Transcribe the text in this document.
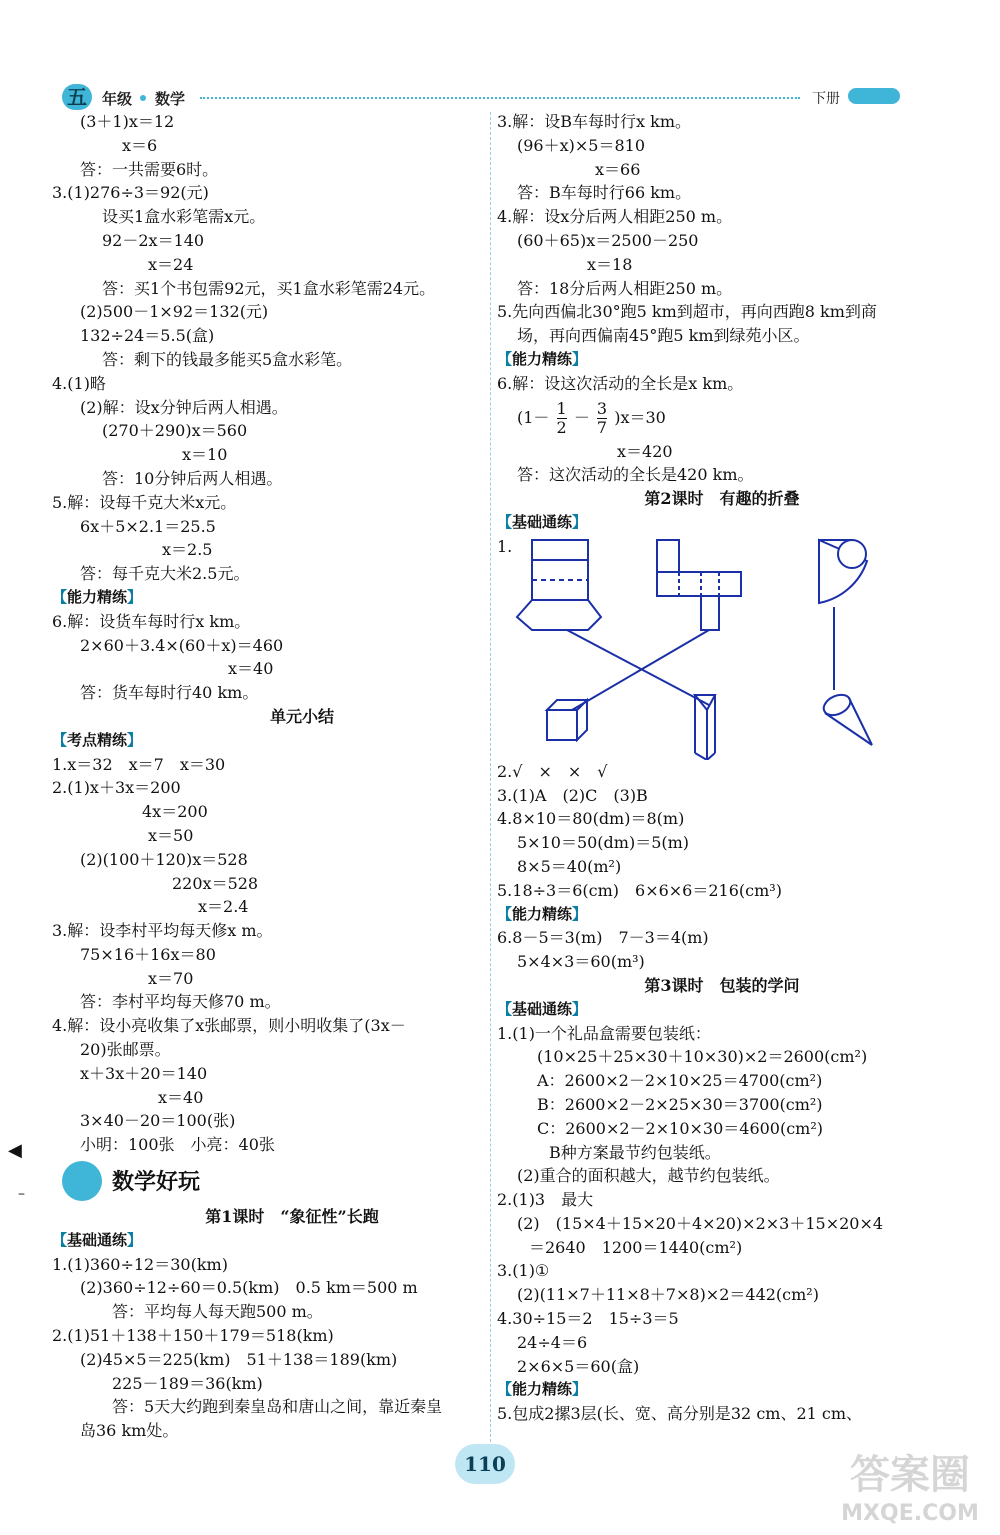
五	年级 数学	下册
(3＋1)x＝12
x＝6
答：一共需要6时。
3.(1)276÷3＝92(元)
设买1盒水彩笔需x元。
92－2x＝140
x＝24
答：买1个书包需92元，买1盒水彩笔需24元。
(2)500－1×92＝132(元)
132÷24＝5.5(盒)
答：剩下的钱最多能买5盒水彩笔。
4.(1)略
(2)解：设x分钟后两人相遇。
(270＋290)x＝560
x＝10
答：10分钟后两人相遇。
5.解：设每千克大米x元。
6x＋5×2.1＝25.5
x＝2.5
答：每千克大米2.5元。
【能力精练】
6.解：设货车每时行x km。
2×60＋3.4×(60＋x)＝460
x＝40
答：货车每时行40 km。
单元小结
【考点精练】
1.x＝32　x＝7　x＝30
2.(1)x＋3x＝200
4x＝200
x＝50
(2)(100＋120)x＝528
220x＝528
x＝2.4
3.解：设李村平均每天修x m。
75×16＋16x＝80
x＝70
答：李村平均每天修70 m。
4.解：设小亮收集了x张邮票，则小明收集了(3x－
20)张邮票。
x＋3x＋20＝140
x＝40
3×40－20＝100(张)
小明：100张　小亮：40张
数学好玩
第1课时　“象征性”长跑
【基础通练】
1.(1)360÷12＝30(km)
(2)360÷12÷60＝0.5(km)　0.5 km＝500 m
答：平均每人每天跑500 m。
2.(1)51＋138＋150＋179＝518(km)
(2)45×5＝225(km)　51＋138＝189(km)
225－189＝36(km)
答：5天大约跑到秦皇岛和唐山之间，靠近秦皇
岛36 km处。
3.解：设B车每时行x km。
(96＋x)×5＝810
x＝66
答：B车每时行66 km。
4.解：设x分后两人相距250 m。
(60＋65)x＝2500－250
x＝18
答：18分后两人相距250 m。
5.先向西偏北30°跑5 km到超市，再向西跑8 km到商
场，再向西偏南45°跑5 km到绿苑小区。
【能力精练】
6.解：设这次活动的全长是x km。
$(1- \frac{1}{2} - \frac{3}{7} )x=30$
x＝420
答：这次活动的全长是420 km。
第2课时　有趣的折叠
【基础通练】
1.
2.√　×　×　√
3.(1)A　(2)C　(3)B
4.8×10＝80(dm)＝8(m)
5×10＝50(dm)＝5(m)
8×5＝40(m²)
5.18÷3＝6(cm)　6×6×6＝216(cm³)
【能力精练】
6.8－5＝3(m)　7－3＝4(m)
5×4×3＝60(m³)
第3课时　包装的学问
【基础通练】
1.(1)一个礼品盒需要包装纸：
(10×25＋25×30＋10×30)×2＝2600(cm²)
A：2600×2－2×10×25＝4700(cm²)
B：2600×2－2×25×30＝3700(cm²)
C：2600×2－2×10×30＝4600(cm²)
B种方案最节约包装纸。
(2)重合的面积越大，越节约包装纸。
2.(1)3　最大
(2)　(15×4＋15×20＋4×20)×2×3＋15×20×4
＝2640　1200＝1440(cm²)
3.(1)①
(2)(11×7＋11×8＋7×8)×2＝442(cm²)
4.30÷15＝2　15÷3＝5
24÷4＝6
2×6×5＝60(盒)
【能力精练】
5.包成2摞3层(长、宽、高分别是32 cm、21 cm、
◀
–
110	答案圈
MXQE.COM
